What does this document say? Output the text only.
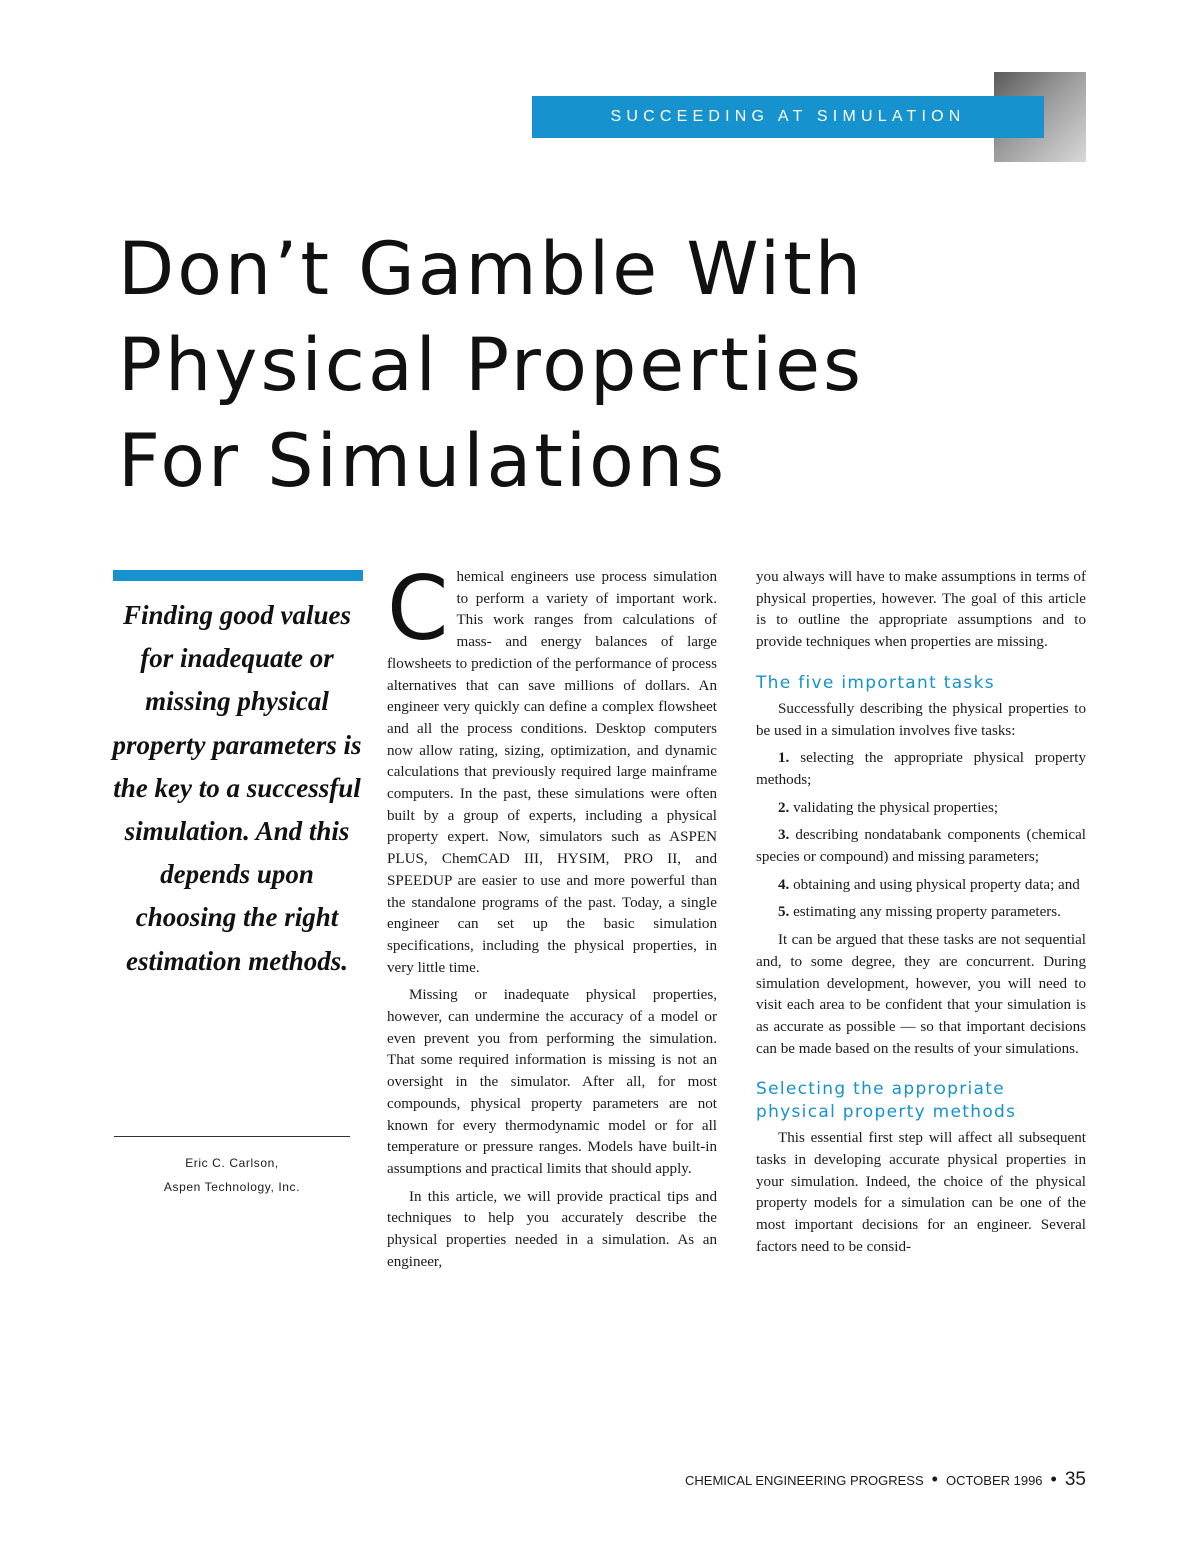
SUCCEEDING AT SIMULATION
Don’t Gamble With
Physical Properties
For Simulations

Finding good values for inadequate or missing physical property parameters is the key to a successful simulation. And this depends upon choosing the right estimation methods.

Eric C. Carlson,
Aspen Technology, Inc.

Chemical engineers use process simulation to perform a variety of important work. This work ranges from calculations of mass- and energy balances of large flowsheets to prediction of the performance of process alternatives that can save millions of dollars. An engineer very quickly can define a complex flowsheet and all the process conditions. Desktop computers now allow rating, sizing, optimization, and dynamic calculations that previously required large mainframe computers. In the past, these simulations were often built by a group of experts, including a physical property expert. Now, simulators such as ASPEN PLUS, ChemCAD III, HYSIM, PRO II, and SPEEDUP are easier to use and more powerful than the standalone programs of the past. Today, a single engineer can set up the basic simulation specifications, including the physical properties, in very little time.

Missing or inadequate physical properties, however, can undermine the accuracy of a model or even prevent you from performing the simulation. That some required information is missing is not an oversight in the simulator. After all, for most compounds, physical property parameters are not known for every thermodynamic model or for all temperature or pressure ranges. Models have built-in assumptions and practical limits that should apply.

In this article, we will provide practical tips and techniques to help you accurately describe the physical properties needed in a simulation. As an engineer,

you always will have to make assumptions in terms of physical properties, however. The goal of this article is to outline the appropriate assumptions and to provide techniques when properties are missing.

The five important tasks

Successfully describing the physical properties to be used in a simulation involves five tasks:

1. selecting the appropriate physical property methods;

2. validating the physical properties;

3. describing nondatabank components (chemical species or compound) and missing parameters;

4. obtaining and using physical property data; and

5. estimating any missing property parameters.

It can be argued that these tasks are not sequential and, to some degree, they are concurrent. During simulation development, however, you will need to visit each area to be confident that your simulation is as accurate as possible — so that important decisions can be made based on the results of your simulations.

Selecting the appropriate
physical property methods

This essential first step will affect all subsequent tasks in developing accurate physical properties in your simulation. Indeed, the choice of the physical property models for a simulation can be one of the most important decisions for an engineer. Several factors need to be consid-

CHEMICAL ENGINEERING PROGRESS • OCTOBER 1996 • 35
